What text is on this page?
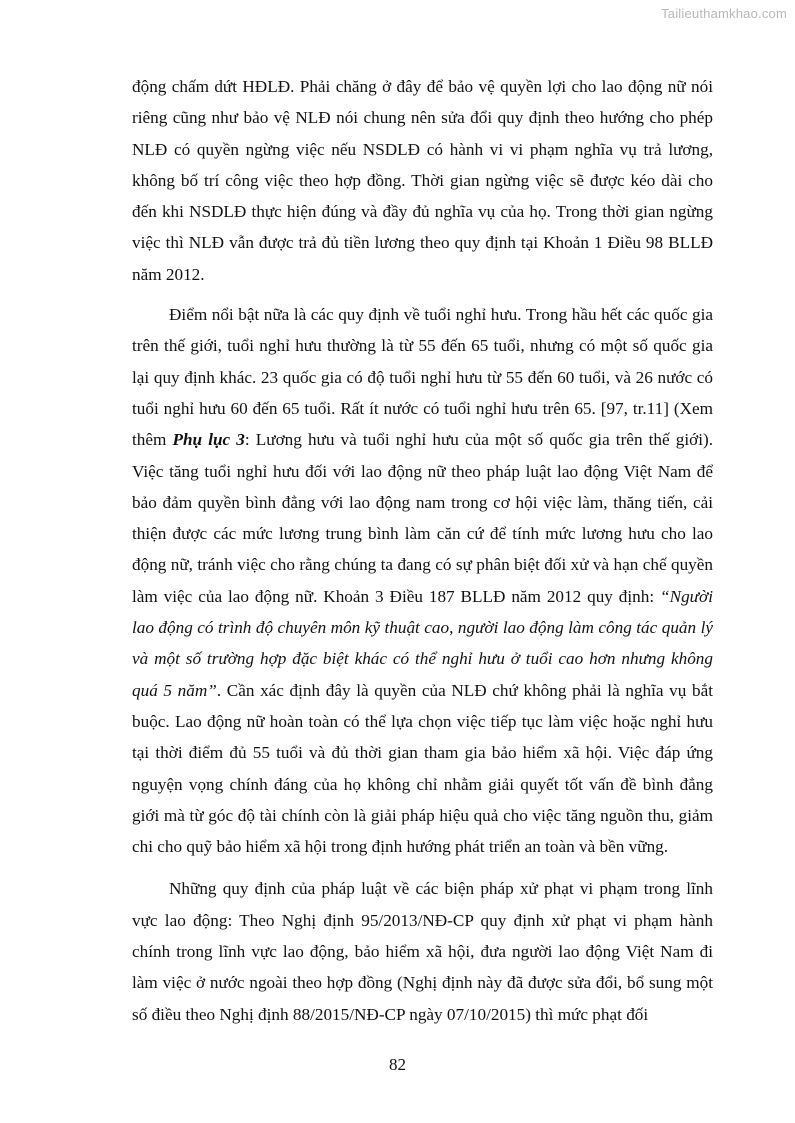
Tailieuthamkhao.com

động chấm dứt HĐLĐ. Phải chăng ở đây để bảo vệ quyền lợi cho lao động nữ nói riêng cũng như bảo vệ NLĐ nói chung nên sửa đổi quy định theo hướng cho phép NLĐ có quyền ngừng việc nếu NSDLĐ có hành vi vi phạm nghĩa vụ trả lương, không bố trí công việc theo hợp đồng. Thời gian ngừng việc sẽ được kéo dài cho đến khi NSDLĐ thực hiện đúng và đầy đủ nghĩa vụ của họ. Trong thời gian ngừng việc thì NLĐ vẫn được trả đủ tiền lương theo quy định tại Khoản 1 Điều 98 BLLĐ năm 2012.

Điểm nổi bật nữa là các quy định về tuổi nghỉ hưu. Trong hầu hết các quốc gia trên thế giới, tuổi nghỉ hưu thường là từ 55 đến 65 tuổi, nhưng có một số quốc gia lại quy định khác. 23 quốc gia có độ tuổi nghỉ hưu từ 55 đến 60 tuổi, và 26 nước có tuổi nghỉ hưu 60 đến 65 tuổi. Rất ít nước có tuổi nghỉ hưu trên 65. [97, tr.11] (Xem thêm Phụ lục 3: Lương hưu và tuổi nghỉ hưu của một số quốc gia trên thế giới). Việc tăng tuổi nghỉ hưu đối với lao động nữ theo pháp luật lao động Việt Nam để bảo đảm quyền bình đẳng với lao động nam trong cơ hội việc làm, thăng tiến, cải thiện được các mức lương trung bình làm căn cứ để tính mức lương hưu cho lao động nữ, tránh việc cho rằng chúng ta đang có sự phân biệt đối xử và hạn chế quyền làm việc của lao động nữ. Khoản 3 Điều 187 BLLĐ năm 2012 quy định: “Người lao động có trình độ chuyên môn kỹ thuật cao, người lao động làm công tác quản lý và một số trường hợp đặc biệt khác có thể nghỉ hưu ở tuổi cao hơn nhưng không quá 5 năm”. Cần xác định đây là quyền của NLĐ chứ không phải là nghĩa vụ bắt buộc. Lao động nữ hoàn toàn có thể lựa chọn việc tiếp tục làm việc hoặc nghỉ hưu tại thời điểm đủ 55 tuổi và đủ thời gian tham gia bảo hiểm xã hội. Việc đáp ứng nguyện vọng chính đáng của họ không chỉ nhằm giải quyết tốt vấn đề bình đẳng giới mà từ góc độ tài chính còn là giải pháp hiệu quả cho việc tăng nguồn thu, giảm chi cho quỹ bảo hiểm xã hội trong định hướng phát triển an toàn và bền vững.

Những quy định của pháp luật về các biện pháp xử phạt vi phạm trong lĩnh vực lao động: Theo Nghị định 95/2013/NĐ-CP quy định xử phạt vi phạm hành chính trong lĩnh vực lao động, bảo hiểm xã hội, đưa người lao động Việt Nam đi làm việc ở nước ngoài theo hợp đồng (Nghị định này đã được sửa đổi, bổ sung một số điều theo Nghị định 88/2015/NĐ-CP ngày 07/10/2015) thì mức phạt đối

82
